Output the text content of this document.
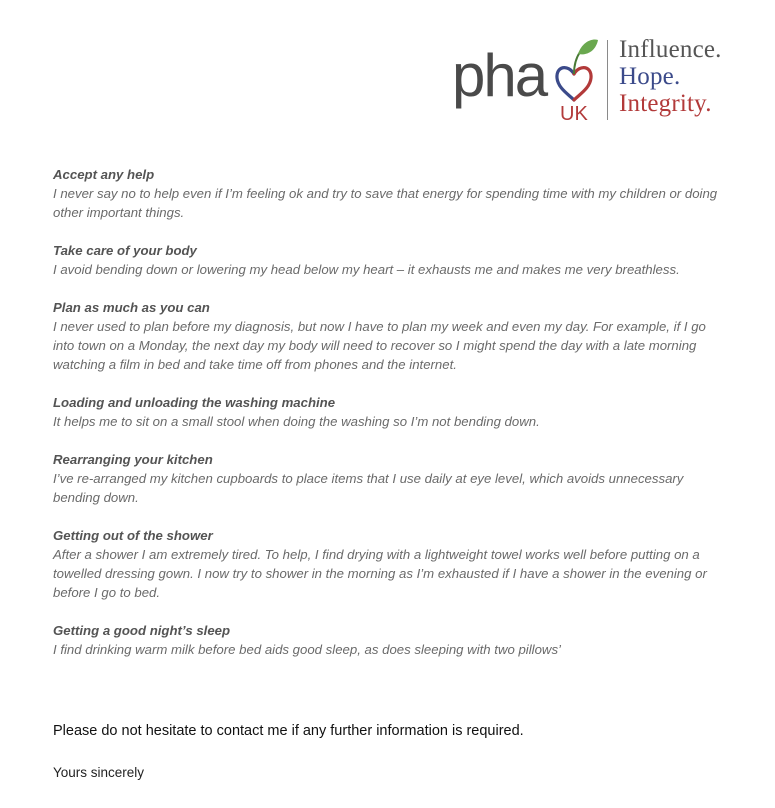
pha
UK
Influence.
Hope.
Integrity.
Accept any help
I never say no to help even if I’m feeling ok and try to save that energy for spending time with my children or doing other important things.
Take care of your body
I avoid bending down or lowering my head below my heart – it exhausts me and makes me very breathless.
Plan as much as you can
I never used to plan before my diagnosis, but now I have to plan my week and even my day. For example, if I go into town on a Monday, the next day my body will need to recover so I might spend the day with a late morning watching a film in bed and take time off from phones and the internet.
Loading and unloading the washing machine
It helps me to sit on a small stool when doing the washing so I’m not bending down.
Rearranging your kitchen
I’ve re-arranged my kitchen cupboards to place items that I use daily at eye level, which avoids unnecessary bending down.
Getting out of the shower
After a shower I am extremely tired. To help, I find drying with a lightweight towel works well before putting on a towelled dressing gown. I now try to shower in the morning as I’m exhausted if I have a shower in the evening or before I go to bed.
Getting a good night’s sleep
I find drinking warm milk before bed aids good sleep, as does sleeping with two pillows’
Please do not hesitate to contact me if any further information is required.
Yours sincerely
